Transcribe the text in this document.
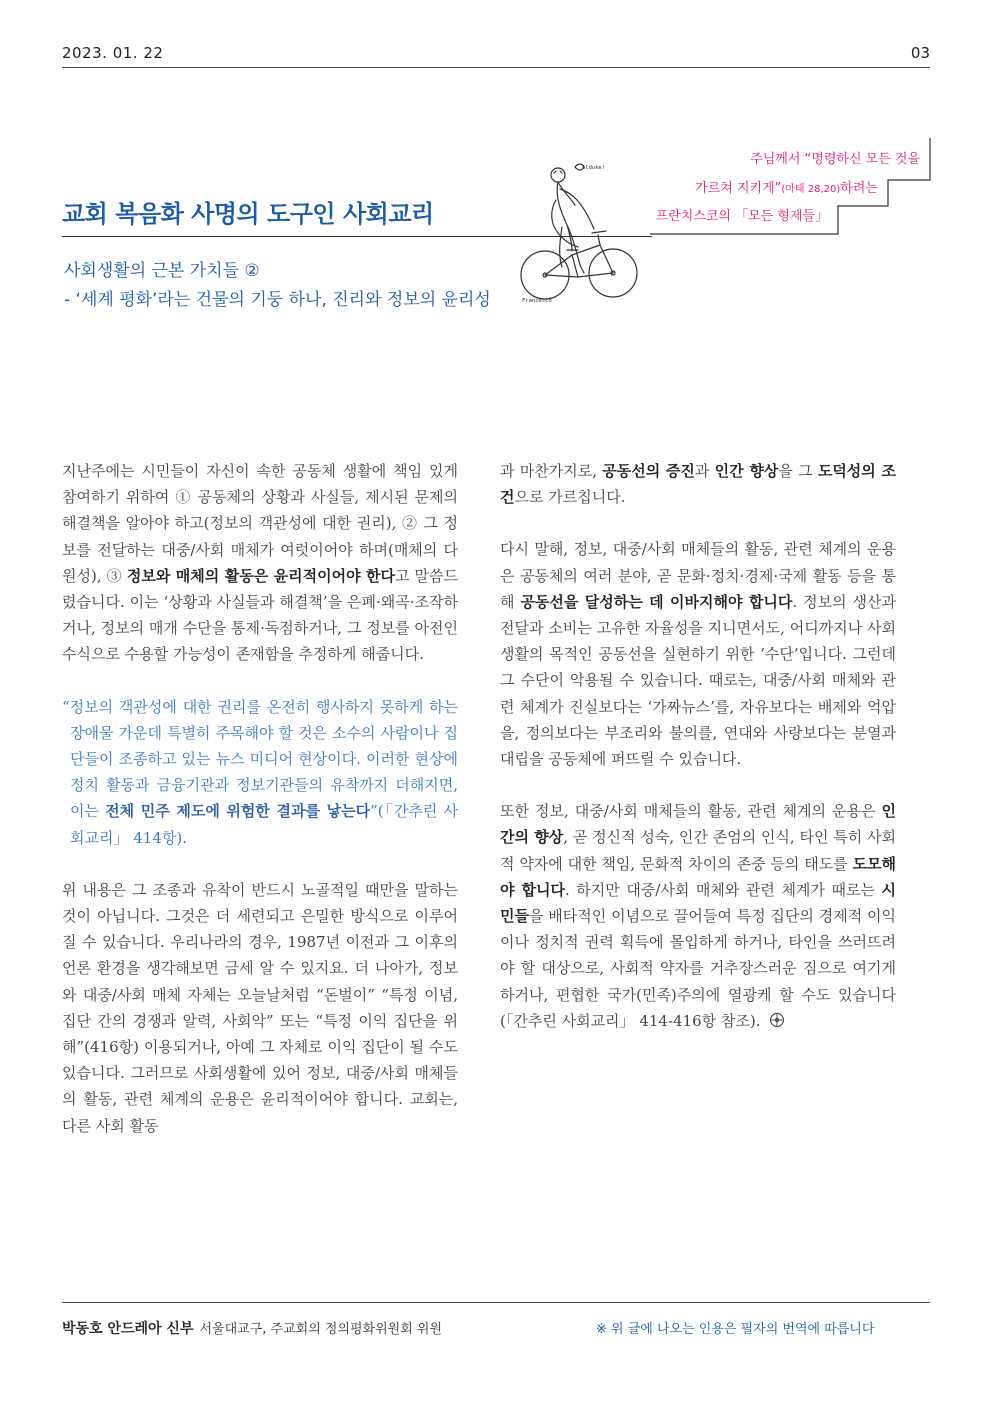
2023. 01. 22	03
교회 복음화 사명의 도구인 사회교리
사회생활의 근본 가치들 ②
- ‘세계 평화’라는 건물의 기둥 하나, 진리와 정보의 윤리성
Aldoke!
Francesco
주님께서 “명령하신 모든 것을
가르쳐 지키게”(마태 28,20)하려는
프란치스코의 「모든 형제들」

지난주에는 시민들이 자신이 속한 공동체 생활에 책임 있게 참여하기 위하여 ① 공동체의 상황과 사실들, 제시된 문제의 해결책을 알아야 하고(정보의 객관성에 대한 권리), ② 그 정보를 전달하는 대중/사회 매체가 여럿이어야 하며(매체의 다원성), ③ 정보와 매체의 활동은 윤리적이어야 한다고 말씀드렸습니다. 이는 ‘상황과 사실들과 해결책’을 은폐·왜곡·조작하거나, 정보의 매개 수단을 통제·독점하거나, 그 정보를 아전인수식으로 수용할 가능성이 존재함을 추정하게 해줍니다.

“정보의 객관성에 대한 권리를 온전히 행사하지 못하게 하는 장애물 가운데 특별히 주목해야 할 것은 소수의 사람이나 집단들이 조종하고 있는 뉴스 미디어 현상이다. 이러한 현상에 정치 활동과 금융기관과 정보기관들의 유착까지 더해지면, 이는 전체 민주 제도에 위험한 결과를 낳는다”(「간추린 사회교리」 414항).

위 내용은 그 조종과 유착이 반드시 노골적일 때만을 말하는 것이 아닙니다. 그것은 더 세련되고 은밀한 방식으로 이루어질 수 있습니다. 우리나라의 경우, 1987년 이전과 그 이후의 언론 환경을 생각해보면 금세 알 수 있지요. 더 나아가, 정보와 대중/사회 매체 자체는 오늘날처럼 “돈벌이” “특정 이념, 집단 간의 경쟁과 알력, 사회악” 또는 “특정 이익 집단을 위해”(416항) 이용되거나, 아예 그 자체로 이익 집단이 될 수도 있습니다. 그러므로 사회생활에 있어 정보, 대중/사회 매체들의 활동, 관련 체계의 운용은 윤리적이어야 합니다. 교회는, 다른 사회 활동

과 마찬가지로, 공동선의 증진과 인간 향상을 그 도덕성의 조건으로 가르칩니다.

다시 말해, 정보, 대중/사회 매체들의 활동, 관련 체계의 운용은 공동체의 여러 분야, 곧 문화·정치·경제·국제 활동 등을 통해 공동선을 달성하는 데 이바지해야 합니다. 정보의 생산과 전달과 소비는 고유한 자율성을 지니면서도, 어디까지나 사회생활의 목적인 공동선을 실현하기 위한 ‘수단’입니다. 그런데 그 수단이 악용될 수 있습니다. 때로는, 대중/사회 매체와 관련 체계가 진실보다는 ‘가짜뉴스’를, 자유보다는 배제와 억압을, 정의보다는 부조리와 불의를, 연대와 사랑보다는 분열과 대립을 공동체에 퍼뜨릴 수 있습니다.

또한 정보, 대중/사회 매체들의 활동, 관련 체계의 운용은 인간의 향상, 곧 정신적 성숙, 인간 존엄의 인식, 타인 특히 사회적 약자에 대한 책임, 문화적 차이의 존중 등의 태도를 도모해야 합니다. 하지만 대중/사회 매체와 관련 체계가 때로는 시민들을 배타적인 이념으로 끌어들여 특정 집단의 경제적 이익이나 정치적 권력 획득에 몰입하게 하거나, 타인을 쓰러뜨려야 할 대상으로, 사회적 약자를 거추장스러운 짐으로 여기게 하거나, 편협한 국가(민족)주의에 열광케 할 수도 있습니다(「간추린 사회교리」 414-416항 참조).

박동호 안드레아 신부 서울대교구, 주교회의 정의평화위원회 위원	※ 위 글에 나오는 인용은 필자의 번역에 따릅니다
